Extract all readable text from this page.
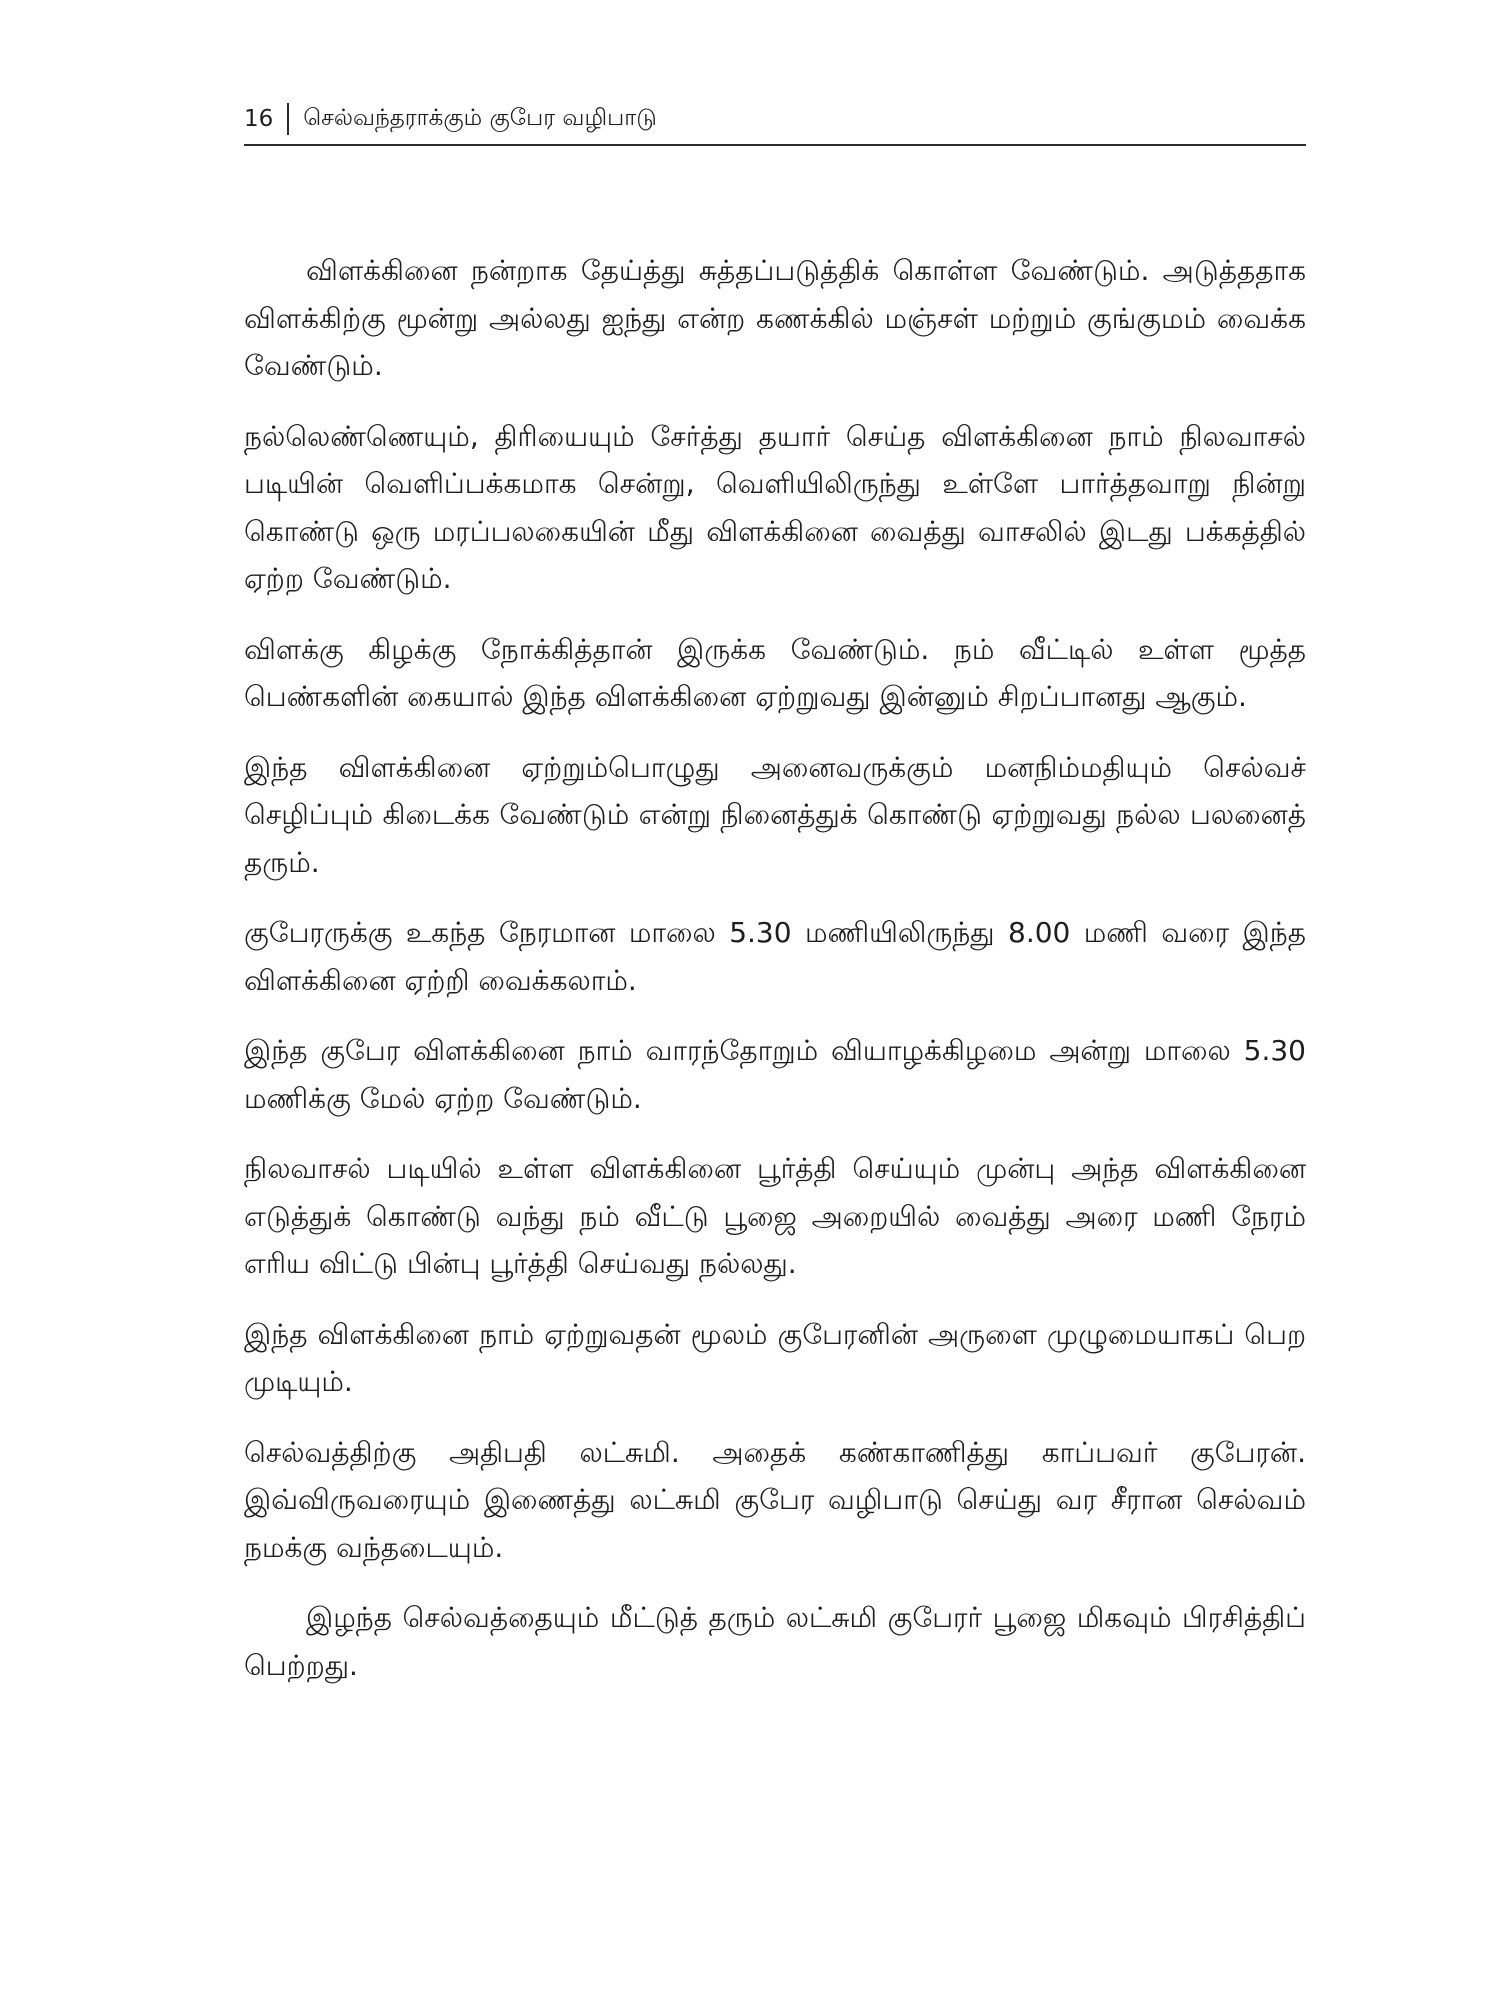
16 செல்வந்தராக்கும் குபேர வழிபாடு

விளக்கினை நன்றாக தேய்த்து சுத்தப்படுத்திக் கொள்ள வேண்டும். அடுத்ததாக விளக்கிற்கு மூன்று அல்லது ஐந்து என்ற கணக்கில் மஞ்சள் மற்றும் குங்குமம் வைக்க வேண்டும்.

நல்லெண்ணெயும், திரியையும் சேர்த்து தயார் செய்த விளக்கினை நாம் நிலவாசல் படியின் வெளிப்பக்கமாக சென்று, வெளியிலிருந்து உள்ளே பார்த்தவாறு நின்று கொண்டு ஒரு மரப்பலகையின் மீது விளக்கினை வைத்து வாசலில் இடது பக்கத்தில் ஏற்ற வேண்டும்.

விளக்கு கிழக்கு நோக்கித்தான் இருக்க வேண்டும். நம் வீட்டில் உள்ள மூத்த பெண்களின் கையால் இந்த விளக்கினை ஏற்றுவது இன்னும் சிறப்பானது ஆகும்.

இந்த விளக்கினை ஏற்றும்பொழுது அனைவருக்கும் மனநிம்மதியும் செல்வச் செழிப்பும் கிடைக்க வேண்டும் என்று நினைத்துக் கொண்டு ஏற்றுவது நல்ல பலனைத் தரும்.

குபேரருக்கு உகந்த நேரமான மாலை 5.30 மணியிலிருந்து 8.00 மணி வரை இந்த விளக்கினை ஏற்றி வைக்கலாம்.

இந்த குபேர விளக்கினை நாம் வாரந்தோறும் வியாழக்கிழமை அன்று மாலை 5.30 மணிக்கு மேல் ஏற்ற வேண்டும்.

நிலவாசல் படியில் உள்ள விளக்கினை பூர்த்தி செய்யும் முன்பு அந்த விளக்கினை எடுத்துக் கொண்டு வந்து நம் வீட்டு பூஜை அறையில் வைத்து அரை மணி நேரம் எரிய விட்டு பின்பு பூர்த்தி செய்வது நல்லது.

இந்த விளக்கினை நாம் ஏற்றுவதன் மூலம் குபேரனின் அருளை முழுமையாகப் பெற முடியும்.

செல்வத்திற்கு அதிபதி லட்சுமி. அதைக் கண்காணித்து காப்பவர் குபேரன். இவ்விருவரையும் இணைத்து லட்சுமி குபேர வழிபாடு செய்து வர சீரான செல்வம் நமக்கு வந்தடையும்.

இழந்த செல்வத்தையும் மீட்டுத் தரும் லட்சுமி குபேரர் பூஜை மிகவும் பிரசித்திப் பெற்றது.
